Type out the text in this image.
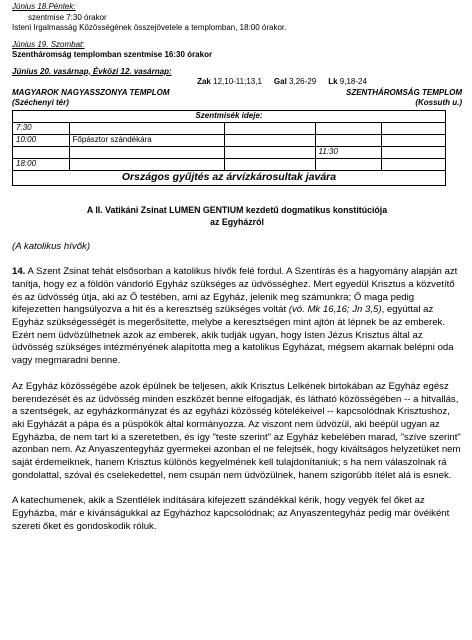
Június 18.Péntek:
szentmise 7:30 órakor
Isteni Irgalmasság Közösségének összejövetele a templomban, 18:00 órakor.
Június 19. Szombat:
Szentháromság templomban szentmise 16:30 órakor
Június 20. vasárnap, Évközi 12. vasárnap:
Zak 12,10-11;13,1 Gal 3,26-29 Lk 9,18-24
MAGYAROK NAGYASSZONYA TEMPLOM	SZENTHÁROMSÁG TEMPLOM
(Széchenyi tér)	(Kossuth u.)
Szentmisék ideje:				
7:30				
10:00	Főpásztor szándékára			
			11:30	
18:00				
Országos gyűjtés az árvízkárosultak javára				
A II. Vatikáni Zsinat LUMEN GENTIUM kezdetű dogmatikus konstitúciója
az Egyházról

(A katolikus hívők)

14. A Szent Zsinat tehát elsősorban a katolikus hívők felé fordul. A Szentírás és a hagyomány alapján azt tanítja, hogy ez a földön vándorló Egyház szükséges az üdvösséghez. Mert egyedül Krisztus a közvetítő és az üdvösség útja, aki az Ő testében, ami az Egyház, jelenik meg számunkra; Ő maga pedig kifejezetten hangsúlyozva a hit és a keresztség szükséges voltát (vö. Mk 16,16; Jn 3,5), egyúttal az Egyház szükségességét is megerősítette, melybe a keresztségen mint ajtón át lépnek be az emberek. Ezért nem üdvözülhetnek azok az emberek, akik tudják ugyan, hogy Isten Jézus Krisztus által az üdvösség szükséges intézményének alapította meg a katolikus Egyházat, mégsem akarnak belépni oda vagy megmaradni benne.

Az Egyház közösségébe azok épülnek be teljesen, akik Krisztus Lelkének birtokában az Egyház egész berendezését és az üdvösség minden eszközét benne elfogadják, és látható közösségében -- a hitvallás, a szentségek, az egyházkormányzat és az egyházi közösség kötelékeivel -- kapcsolódnak Krisztushoz, aki Egyházát a pápa és a püspökök által kormányozza. Az viszont nem üdvözül, aki beépül ugyan az Egyházba, de nem tart ki a szeretetben, és így "teste szerint" az Egyház kebelében marad, "szíve szerint" azonban nem. Az Anyaszentegyház gyermekei azonban el ne felejtsék, hogy kiváltságos helyzetüket nem saját érdemeiknek, hanem Krisztus különös kegyelmének kell tulajdonítaniuk; s ha nem válaszolnak rá gondolattal, szóval és cselekedettel, nem csupán nem üdvözülnek, hanem szigorúbb ítélet alá is esnek.

A katechumenek, akik a Szentlélek indítására kifejezett szándékkal kérik, hogy vegyék fel őket az Egyházba, már e kívánságukkal az Egyházhoz kapcsolódnak; az Anyaszentegyház pedig már övéiként szereti őket és gondoskodik róluk.
